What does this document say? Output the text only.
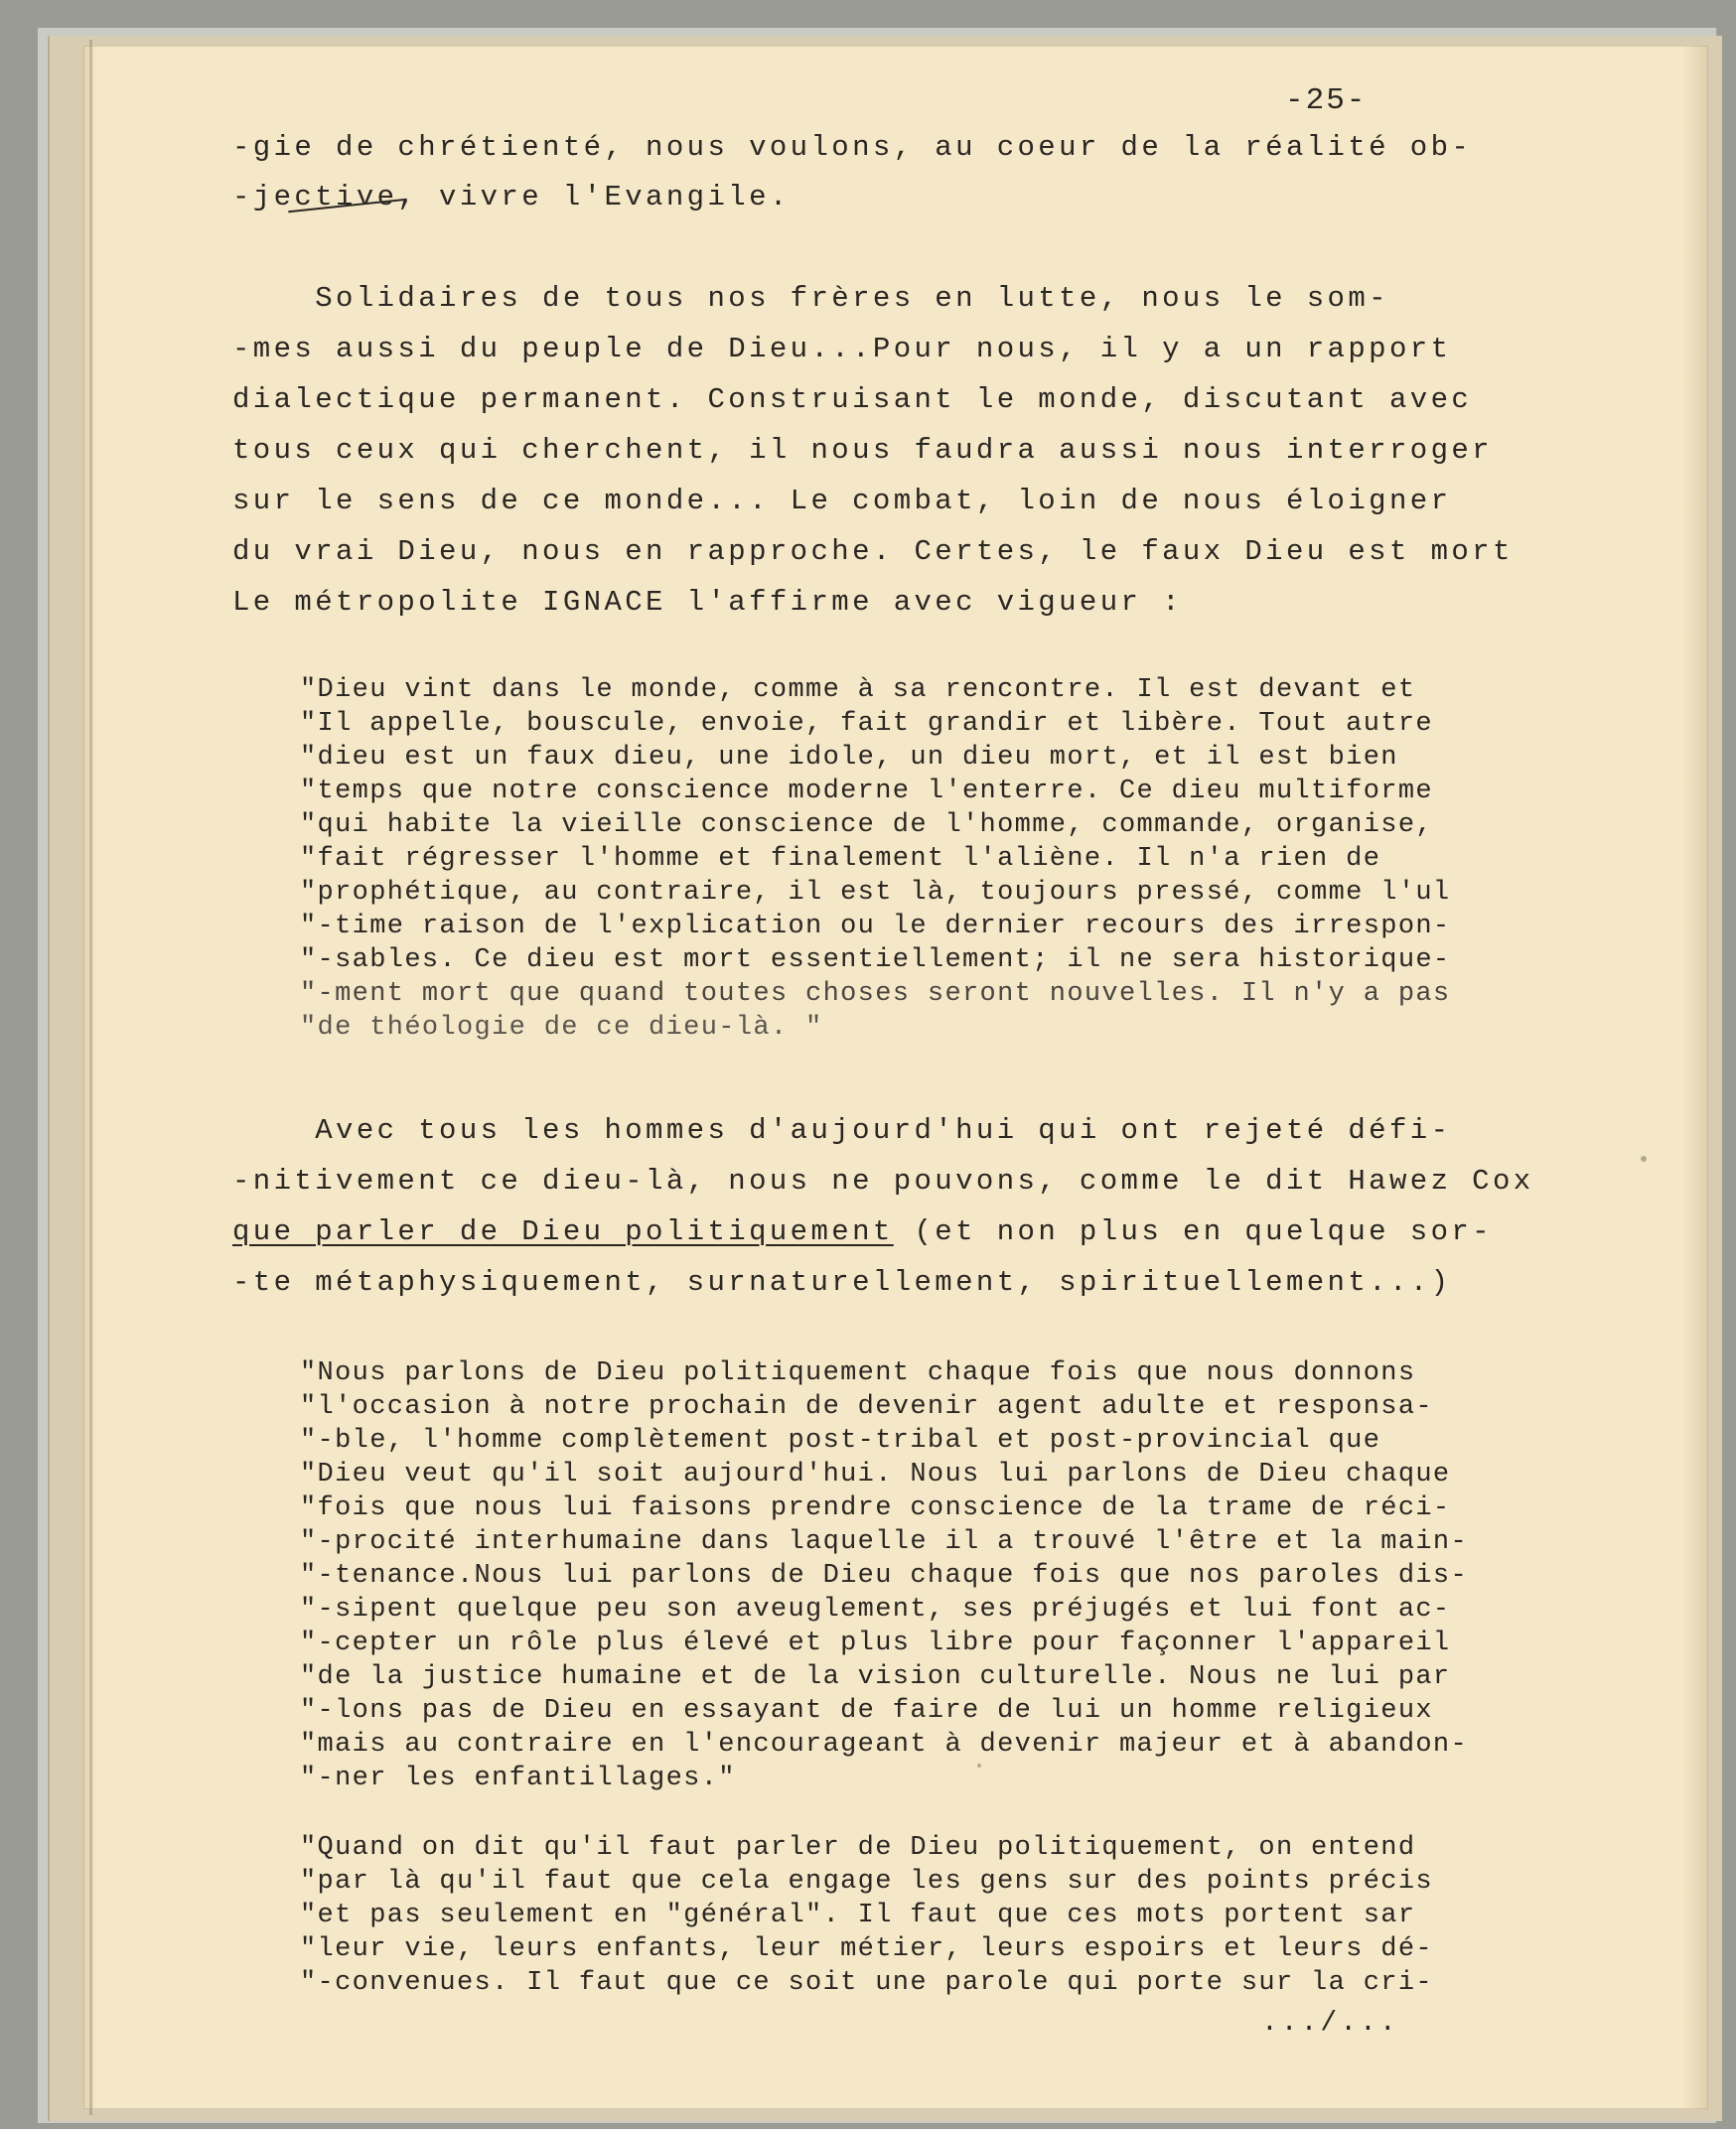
-25-

-gie de chrétienté, nous voulons, au coeur de la réalité ob-

-jective, vivre l'Evangile.

Solidaires de tous nos frères en lutte, nous le som-

-mes aussi du peuple de Dieu...Pour nous, il y a un rapport

dialectique permanent. Construisant le monde, discutant avec

tous ceux qui cherchent, il nous faudra aussi nous interroger

sur le sens de ce monde... Le combat, loin de nous éloigner

du vrai Dieu, nous en rapproche. Certes, le faux Dieu est mort

Le métropolite IGNACE l'affirme avec vigueur :

"Dieu vint dans le monde, comme à sa rencontre. Il est devant et

"Il appelle, bouscule, envoie, fait grandir et libère. Tout autre

"dieu est un faux dieu, une idole, un dieu mort, et il est bien

"temps que notre conscience moderne l'enterre. Ce dieu multiforme

"qui habite la vieille conscience de l'homme, commande, organise,

"fait régresser l'homme et finalement l'aliène. Il n'a rien de

"prophétique, au contraire, il est là, toujours pressé, comme l'ul

"-time raison de l'explication ou le dernier recours des irrespon-

"-sables. Ce dieu est mort essentiellement; il ne sera historique-

"-ment mort que quand toutes choses seront nouvelles. Il n'y a pas

"de théologie de ce dieu-là. "

Avec tous les hommes d'aujourd'hui qui ont rejeté défi-

-nitivement ce dieu-là, nous ne pouvons, comme le dit Hawez Cox

que parler de Dieu politiquement (et non plus en quelque sor-

-te métaphysiquement, surnaturellement, spirituellement...)

"Nous parlons de Dieu politiquement chaque fois que nous donnons

"l'occasion à notre prochain de devenir agent adulte et responsa-

"-ble, l'homme complètement post-tribal et post-provincial que

"Dieu veut qu'il soit aujourd'hui. Nous lui parlons de Dieu chaque

"fois que nous lui faisons prendre conscience de la trame de réci-

"-procité interhumaine dans laquelle il a trouvé l'être et la main-

"-tenance.Nous lui parlons de Dieu chaque fois que nos paroles dis-

"-sipent quelque peu son aveuglement, ses préjugés et lui font ac-

"-cepter un rôle plus élevé et plus libre pour façonner l'appareil

"de la justice humaine et de la vision culturelle. Nous ne lui par

"-lons pas de Dieu en essayant de faire de lui un homme religieux

"mais au contraire en l'encourageant à devenir majeur et à abandon-

"-ner les enfantillages."

"Quand on dit qu'il faut parler de Dieu politiquement, on entend

"par là qu'il faut que cela engage les gens sur des points précis

"et pas seulement en "général". Il faut que ces mots portent sar

"leur vie, leurs enfants, leur métier, leurs espoirs et leurs dé-

"-convenues. Il faut que ce soit une parole qui porte sur la cri-

.../...
